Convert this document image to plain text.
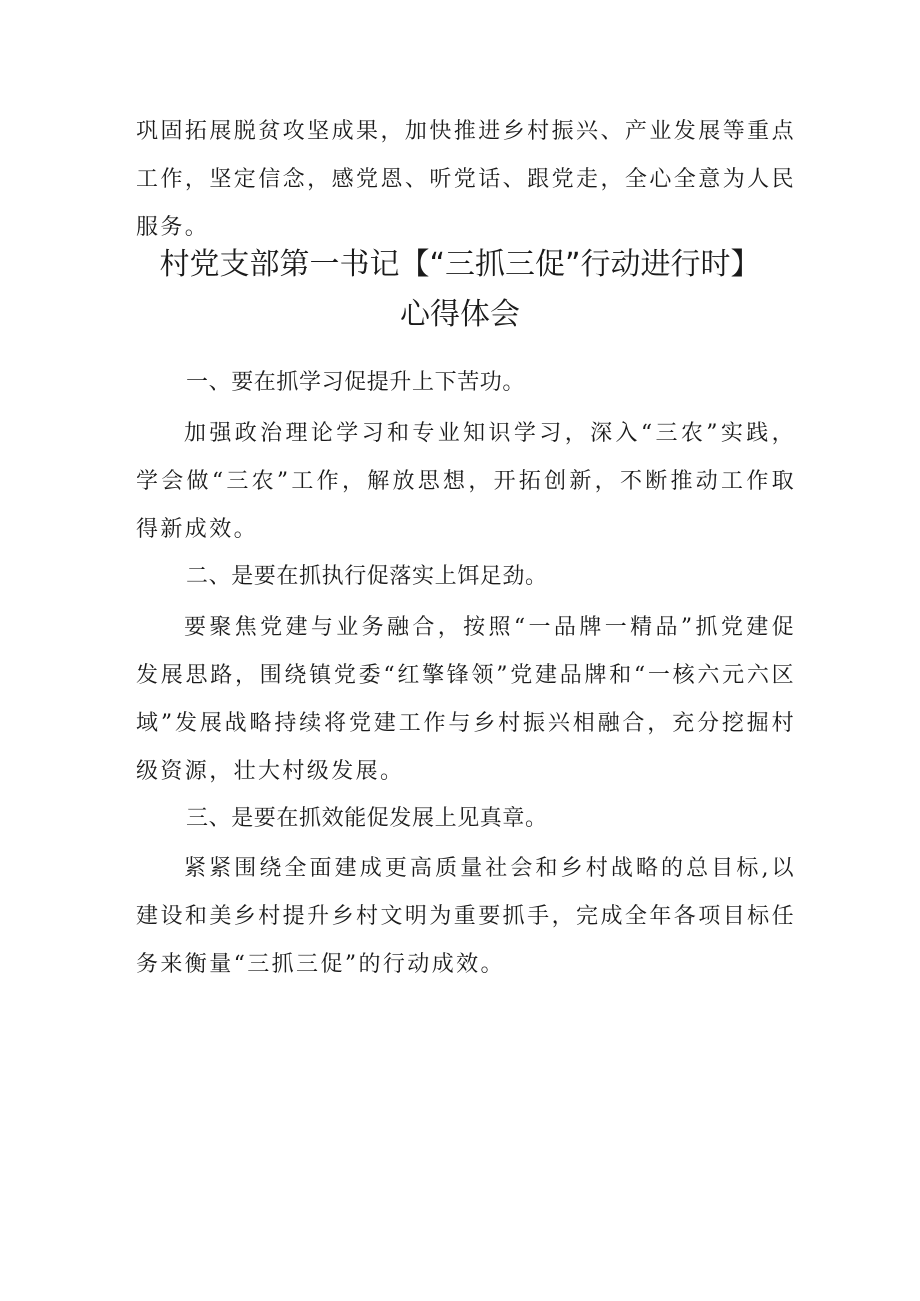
巩固拓展脱贫攻坚成果，加快推进乡村振兴、产业发展等重点工作，坚定信念，感党恩、听党话、跟党走，全心全意为人民服务。

村党支部第一书记【“三抓三促”行动进行时】
心得体会
一、要在抓学习促提升上下苦功。

加强政治理论学习和专业知识学习，深入“三农”实践，学会做“三农”工作，解放思想，开拓创新，不断推动工作取得新成效。

二、是要在抓执行促落实上饵足劲。

要聚焦党建与业务融合，按照“一品牌一精品”抓党建促发展思路，围绕镇党委“红擎锋领”党建品牌和“一核六元六区域”发展战略持续将党建工作与乡村振兴相融合，充分挖掘村级资源，壮大村级发展。

三、是要在抓效能促发展上见真章。

紧紧围绕全面建成更高质量社会和乡村战略的总目标,以建设和美乡村提升乡村文明为重要抓手，完成全年各项目标任务来衡量“三抓三促”的行动成效。
